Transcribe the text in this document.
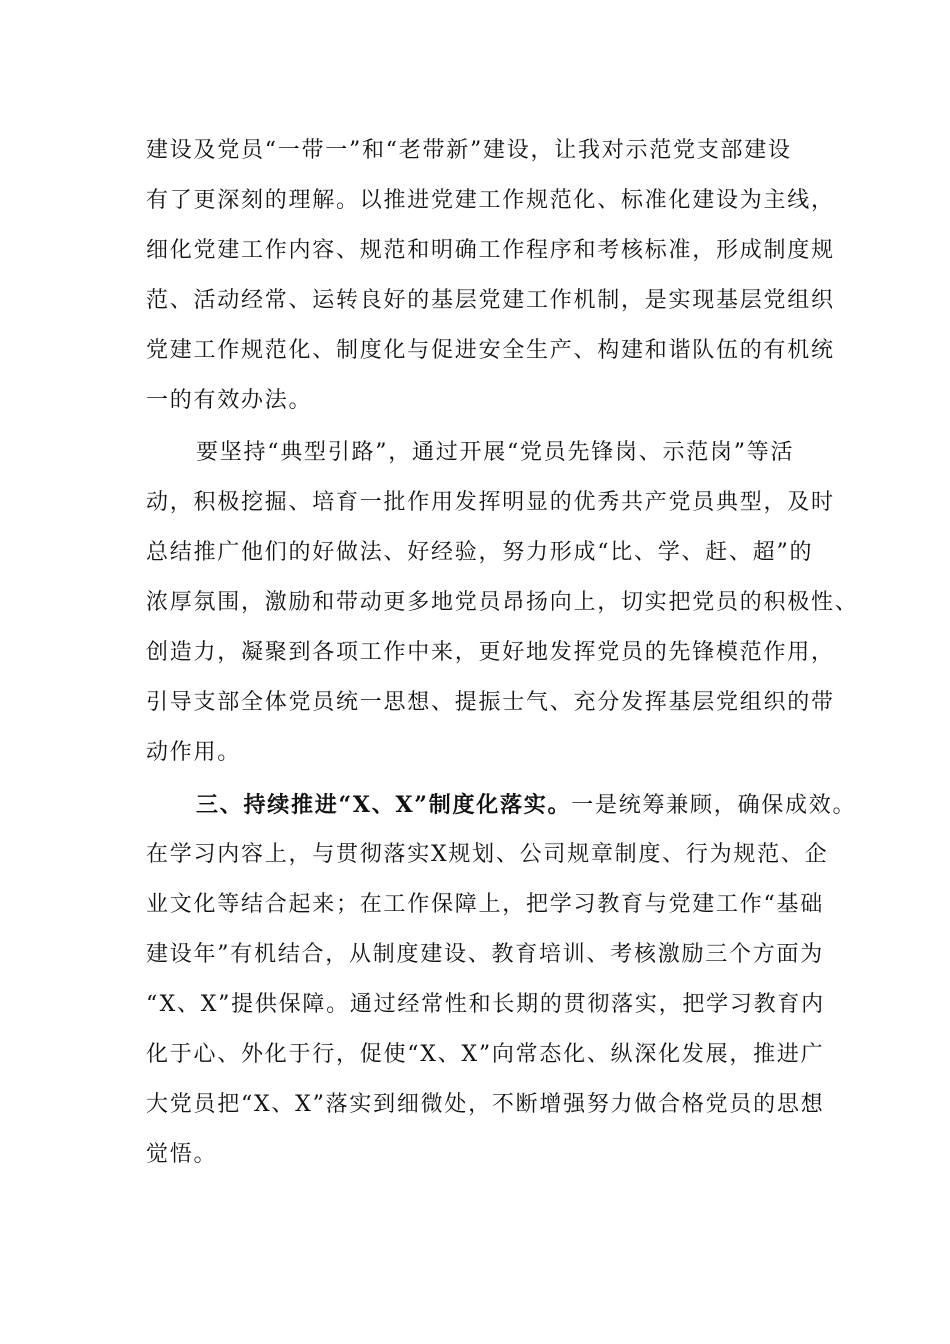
建设及党员“一带一”和“老带新”建设，让我对示范党支部建设

有了更深刻的理解。以推进党建工作规范化、标准化建设为主线，

细化党建工作内容、规范和明确工作程序和考核标准，形成制度规

范、活动经常、运转良好的基层党建工作机制，是实现基层党组织

党建工作规范化、制度化与促进安全生产、构建和谐队伍的有机统

一的有效办法。

要坚持“典型引路”，通过开展“党员先锋岗、示范岗”等活

动，积极挖掘、培育一批作用发挥明显的优秀共产党员典型，及时

总结推广他们的好做法、好经验，努力形成“比、学、赶、超”的

浓厚氛围，激励和带动更多地党员昂扬向上，切实把党员的积极性、

创造力，凝聚到各项工作中来，更好地发挥党员的先锋模范作用，

引导支部全体党员统一思想、提振士气、充分发挥基层党组织的带

动作用。

三、持续推进“X、X”制度化落实。一是统筹兼顾，确保成效。

在学习内容上，与贯彻落实X规划、公司规章制度、行为规范、企

业文化等结合起来；在工作保障上，把学习教育与党建工作“基础

建设年”有机结合，从制度建设、教育培训、考核激励三个方面为

“X、X”提供保障。通过经常性和长期的贯彻落实，把学习教育内

化于心、外化于行，促使“X、X”向常态化、纵深化发展，推进广

大党员把“X、X”落实到细微处，不断增强努力做合格党员的思想

觉悟。
